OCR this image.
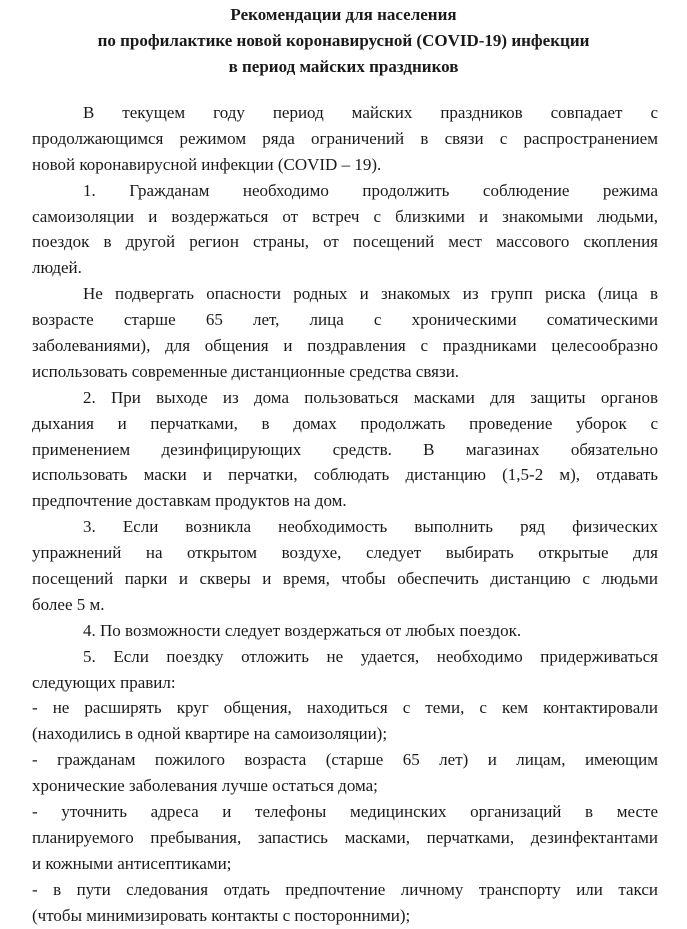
Рекомендации для населения
по профилактике новой коронавирусной (COVID-19) инфекции
в период майских праздников
В текущем году период майских праздников совпадает с
продолжающимся режимом ряда ограничений в связи с распространением
новой коронавирусной инфекции (COVID – 19).
1. Гражданам необходимо продолжить соблюдение режима
самоизоляции и воздержаться от встреч с близкими и знакомыми людьми,
поездок в другой регион страны, от посещений мест массового скопления
людей.
Не подвергать опасности родных и знакомых из групп риска (лица в
возрасте старше 65 лет, лица с хроническими соматическими
заболеваниями), для общения и поздравления с праздниками целесообразно
использовать современные дистанционные средства связи.
2. При выходе из дома пользоваться масками для защиты органов
дыхания и перчатками, в домах продолжать проведение уборок с
применением дезинфицирующих средств. В магазинах обязательно
использовать маски и перчатки, соблюдать дистанцию (1,5-2 м), отдавать
предпочтение доставкам продуктов на дом.
3. Если возникла необходимость выполнить ряд физических
упражнений на открытом воздухе, следует выбирать открытые для
посещений парки и скверы и время, чтобы обеспечить дистанцию с людьми
более 5 м.
4. По возможности следует воздержаться от любых поездок.
5. Если поездку отложить не удается, необходимо придерживаться
следующих правил:
- не расширять круг общения, находиться с теми, с кем контактировали
(находились в одной квартире на самоизоляции);
- гражданам пожилого возраста (старше 65 лет) и лицам, имеющим
хронические заболевания лучше остаться дома;
- уточнить адреса и телефоны медицинских организаций в месте
планируемого пребывания, запастись масками, перчатками, дезинфектантами
и кожными антисептиками;
- в пути следования отдать предпочтение личному транспорту или такси
(чтобы минимизировать контакты с посторонними);
